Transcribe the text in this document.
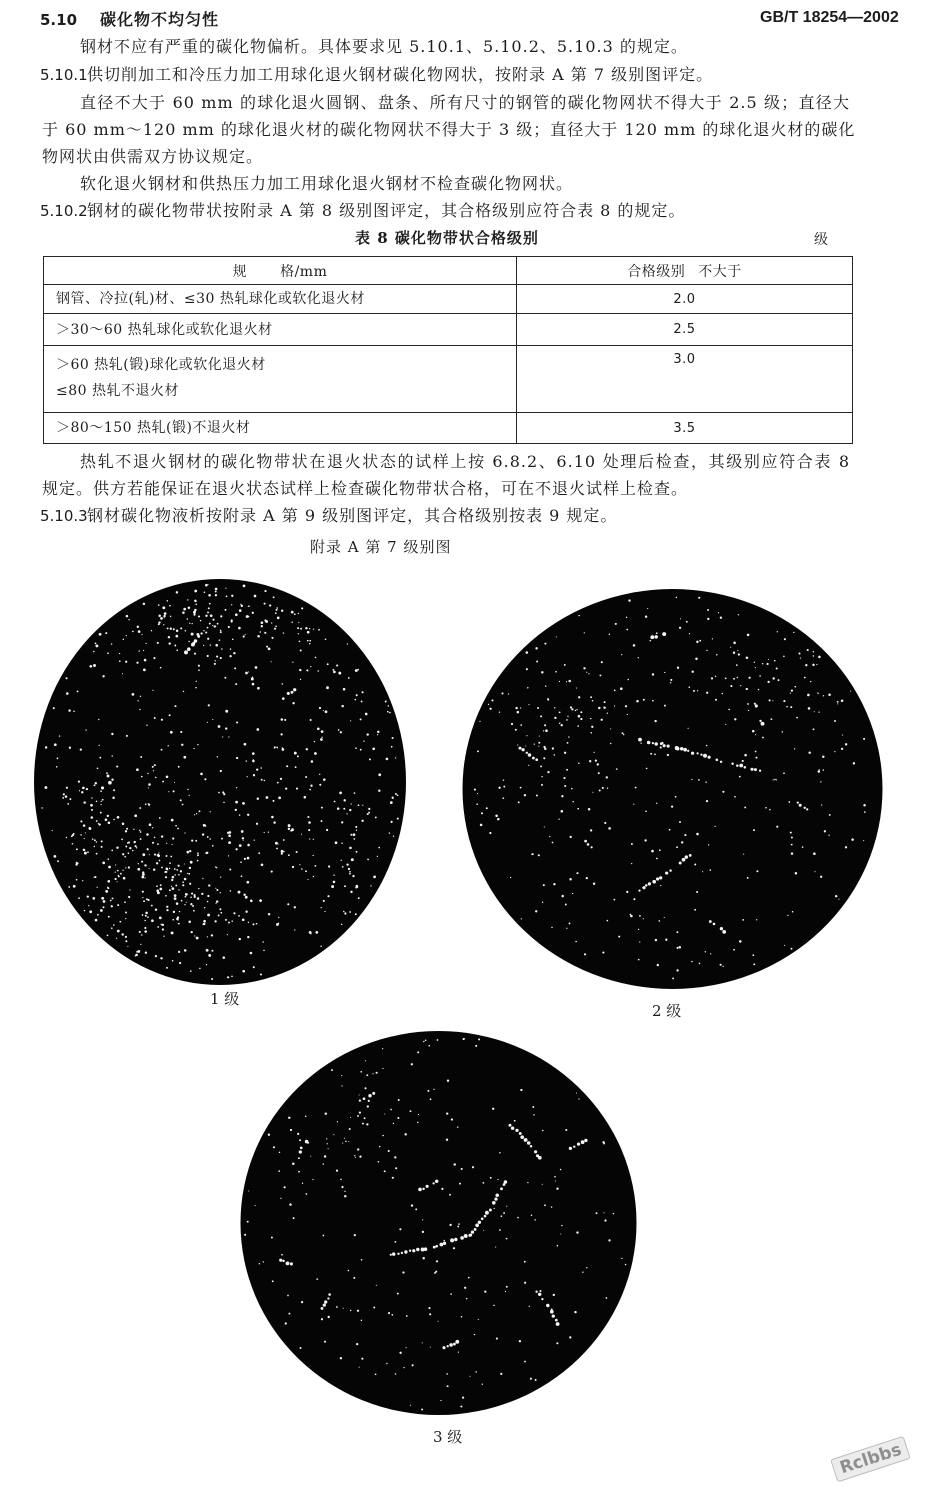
GB/T 18254—2002
5.10 碳化物不均匀性
钢材不应有严重的碳化物偏析。具体要求见 5.10.1、5.10.2、5.10.3 的规定。
5.10.1 供切削加工和冷压力加工用球化退火钢材碳化物网状，按附录 A 第 7 级别图评定。
直径不大于 60 mm 的球化退火圆钢、盘条、所有尺寸的钢管的碳化物网状不得大于 2.5 级；直径大
于 60 mm～120 mm 的球化退火材的碳化物网状不得大于 3 级；直径大于 120 mm 的球化退火材的碳化
物网状由供需双方协议规定。
软化退火钢材和供热压力加工用球化退火钢材不检查碳化物网状。
5.10.2 钢材的碳化物带状按附录 A 第 8 级别图评定，其合格级别应符合表 8 的规定。
表 8 碳化物带状合格级别	级
规 格/mm	合格级别 不大于

钢管、冷拉(轧)材、≤30 热轧球化或软化退火材	2.0

＞30～60 热轧球化或软化退火材	2.5

＞60 热轧(锻)球化或软化退火材
≤80 热轧不退火材	3.0

＞80～150 热轧(锻)不退火材	3.5
热轧不退火钢材的碳化物带状在退火状态的试样上按 6.8.2、6.10 处理后检查，其级别应符合表 8
规定。供方若能保证在退火状态试样上检查碳化物带状合格，可在不退火试样上检查。
5.10.3 钢材碳化物液析按附录 A 第 9 级别图评定，其合格级别按表 9 规定。
附录 A 第 7 级别图
1 级
2 级
3 级
Rclbbs
